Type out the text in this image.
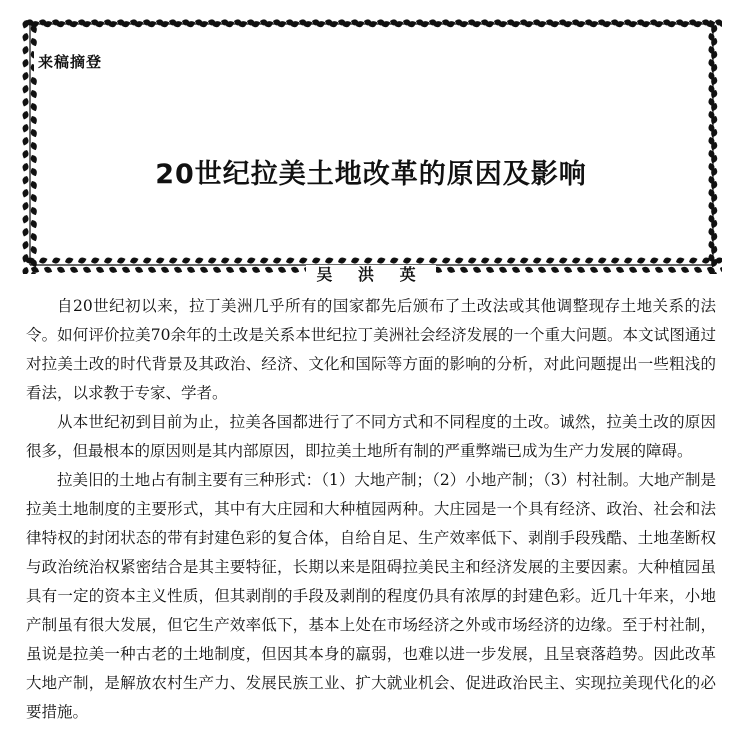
来稿摘登
20世纪拉美土地改革的原因及影响
吴 洪 英

自20世纪初以来，拉丁美洲几乎所有的国家都先后颁布了土改法或其他调整现存土地关系的法令。如何评价拉美70余年的土改是关系本世纪拉丁美洲社会经济发展的一个重大问题。本文试图通过对拉美土改的时代背景及其政治、经济、文化和国际等方面的影响的分析，对此问题提出一些粗浅的看法，以求教于专家、学者。

从本世纪初到目前为止，拉美各国都进行了不同方式和不同程度的土改。诚然，拉美土改的原因很多，但最根本的原因则是其内部原因，即拉美土地所有制的严重弊端已成为生产力发展的障碍。

拉美旧的土地占有制主要有三种形式：（1）大地产制；（2）小地产制；（3）村社制。大地产制是拉美土地制度的主要形式，其中有大庄园和大种植园两种。大庄园是一个具有经济、政治、社会和法律特权的封闭状态的带有封建色彩的复合体，自给自足、生产效率低下、剥削手段残酷、土地垄断权与政治统治权紧密结合是其主要特征，长期以来是阻碍拉美民主和经济发展的主要因素。大种植园虽具有一定的资本主义性质，但其剥削的手段及剥削的程度仍具有浓厚的封建色彩。近几十年来，小地产制虽有很大发展，但它生产效率低下，基本上处在市场经济之外或市场经济的边缘。至于村社制，虽说是拉美一种古老的土地制度，但因其本身的羸弱，也难以进一步发展，且呈衰落趋势。因此改革大地产制，是解放农村生产力、发展民族工业、扩大就业机会、促进政治民主、实现拉美现代化的必要措施。
